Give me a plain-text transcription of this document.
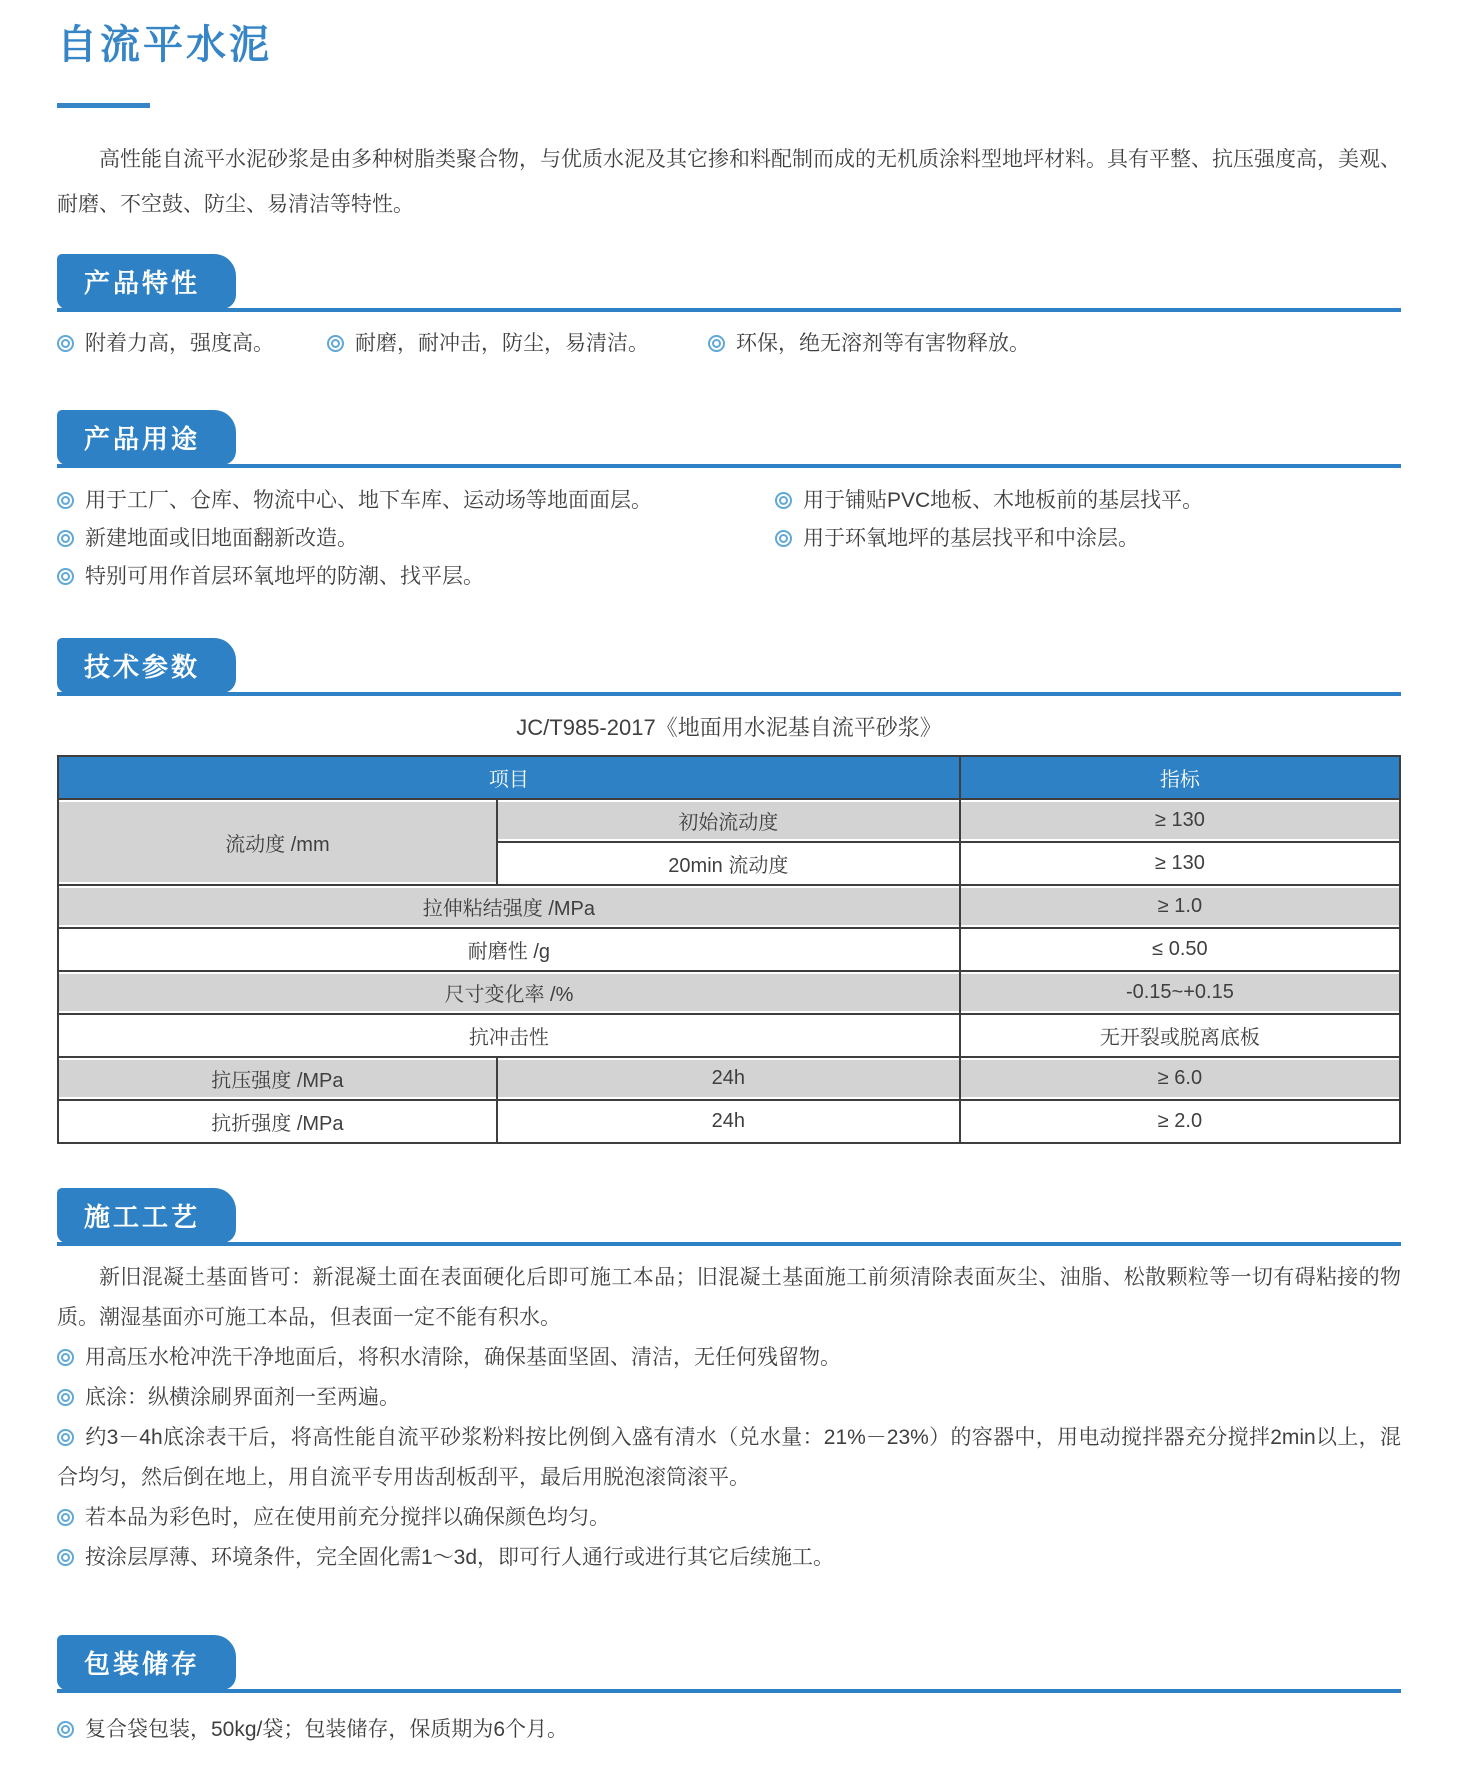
自流平水泥

高性能自流平水泥砂浆是由多种树脂类聚合物，与优质水泥及其它掺和料配制而成的无机质涂料型地坪材料。具有平整、抗压强度高，美观、耐磨、不空鼓、防尘、易清洁等特性。

产品特性

附着力高，强度高。	耐磨，耐冲击，防尘，易清洁。	环保，绝无溶剂等有害物释放。

产品用途

用于工厂、仓库、物流中心、地下车库、运动场等地面面层。

新建地面或旧地面翻新改造。

特别可用作首层环氧地坪的防潮、找平层。

用于铺贴PVC地板、木地板前的基层找平。

用于环氧地坪的基层找平和中涂层。

技术参数

JC/T985-2017《地面用水泥基自流平砂浆》

项目		指标
流动度 /mm	初始流动度	≥ 130
	20min 流动度	≥ 130
拉伸粘结强度 /MPa		≥ 1.0
耐磨性 /g		≤ 0.50
尺寸变化率 /%		-0.15~+0.15
抗冲击性		无开裂或脱离底板
抗压强度 /MPa	24h	≥ 6.0
抗折强度 /MPa	24h	≥ 2.0
施工工艺

新旧混凝土基面皆可：新混凝土面在表面硬化后即可施工本品；旧混凝土基面施工前须清除表面灰尘、油脂、松散颗粒等一切有碍粘接的物质。潮湿基面亦可施工本品，但表面一定不能有积水。

用高压水枪冲洗干净地面后，将积水清除，确保基面坚固、清洁，无任何残留物。

底涂：纵横涂刷界面剂一至两遍。

约3－4h底涂表干后，将高性能自流平砂浆粉料按比例倒入盛有清水（兑水量：21%－23%）的容器中，用电动搅拌器充分搅拌2min以上，混合均匀，然后倒在地上，用自流平专用齿刮板刮平，最后用脱泡滚筒滚平。

若本品为彩色时，应在使用前充分搅拌以确保颜色均匀。

按涂层厚薄、环境条件，完全固化需1～3d，即可行人通行或进行其它后续施工。

包装储存

复合袋包装，50kg/袋；包装储存，保质期为6个月。
